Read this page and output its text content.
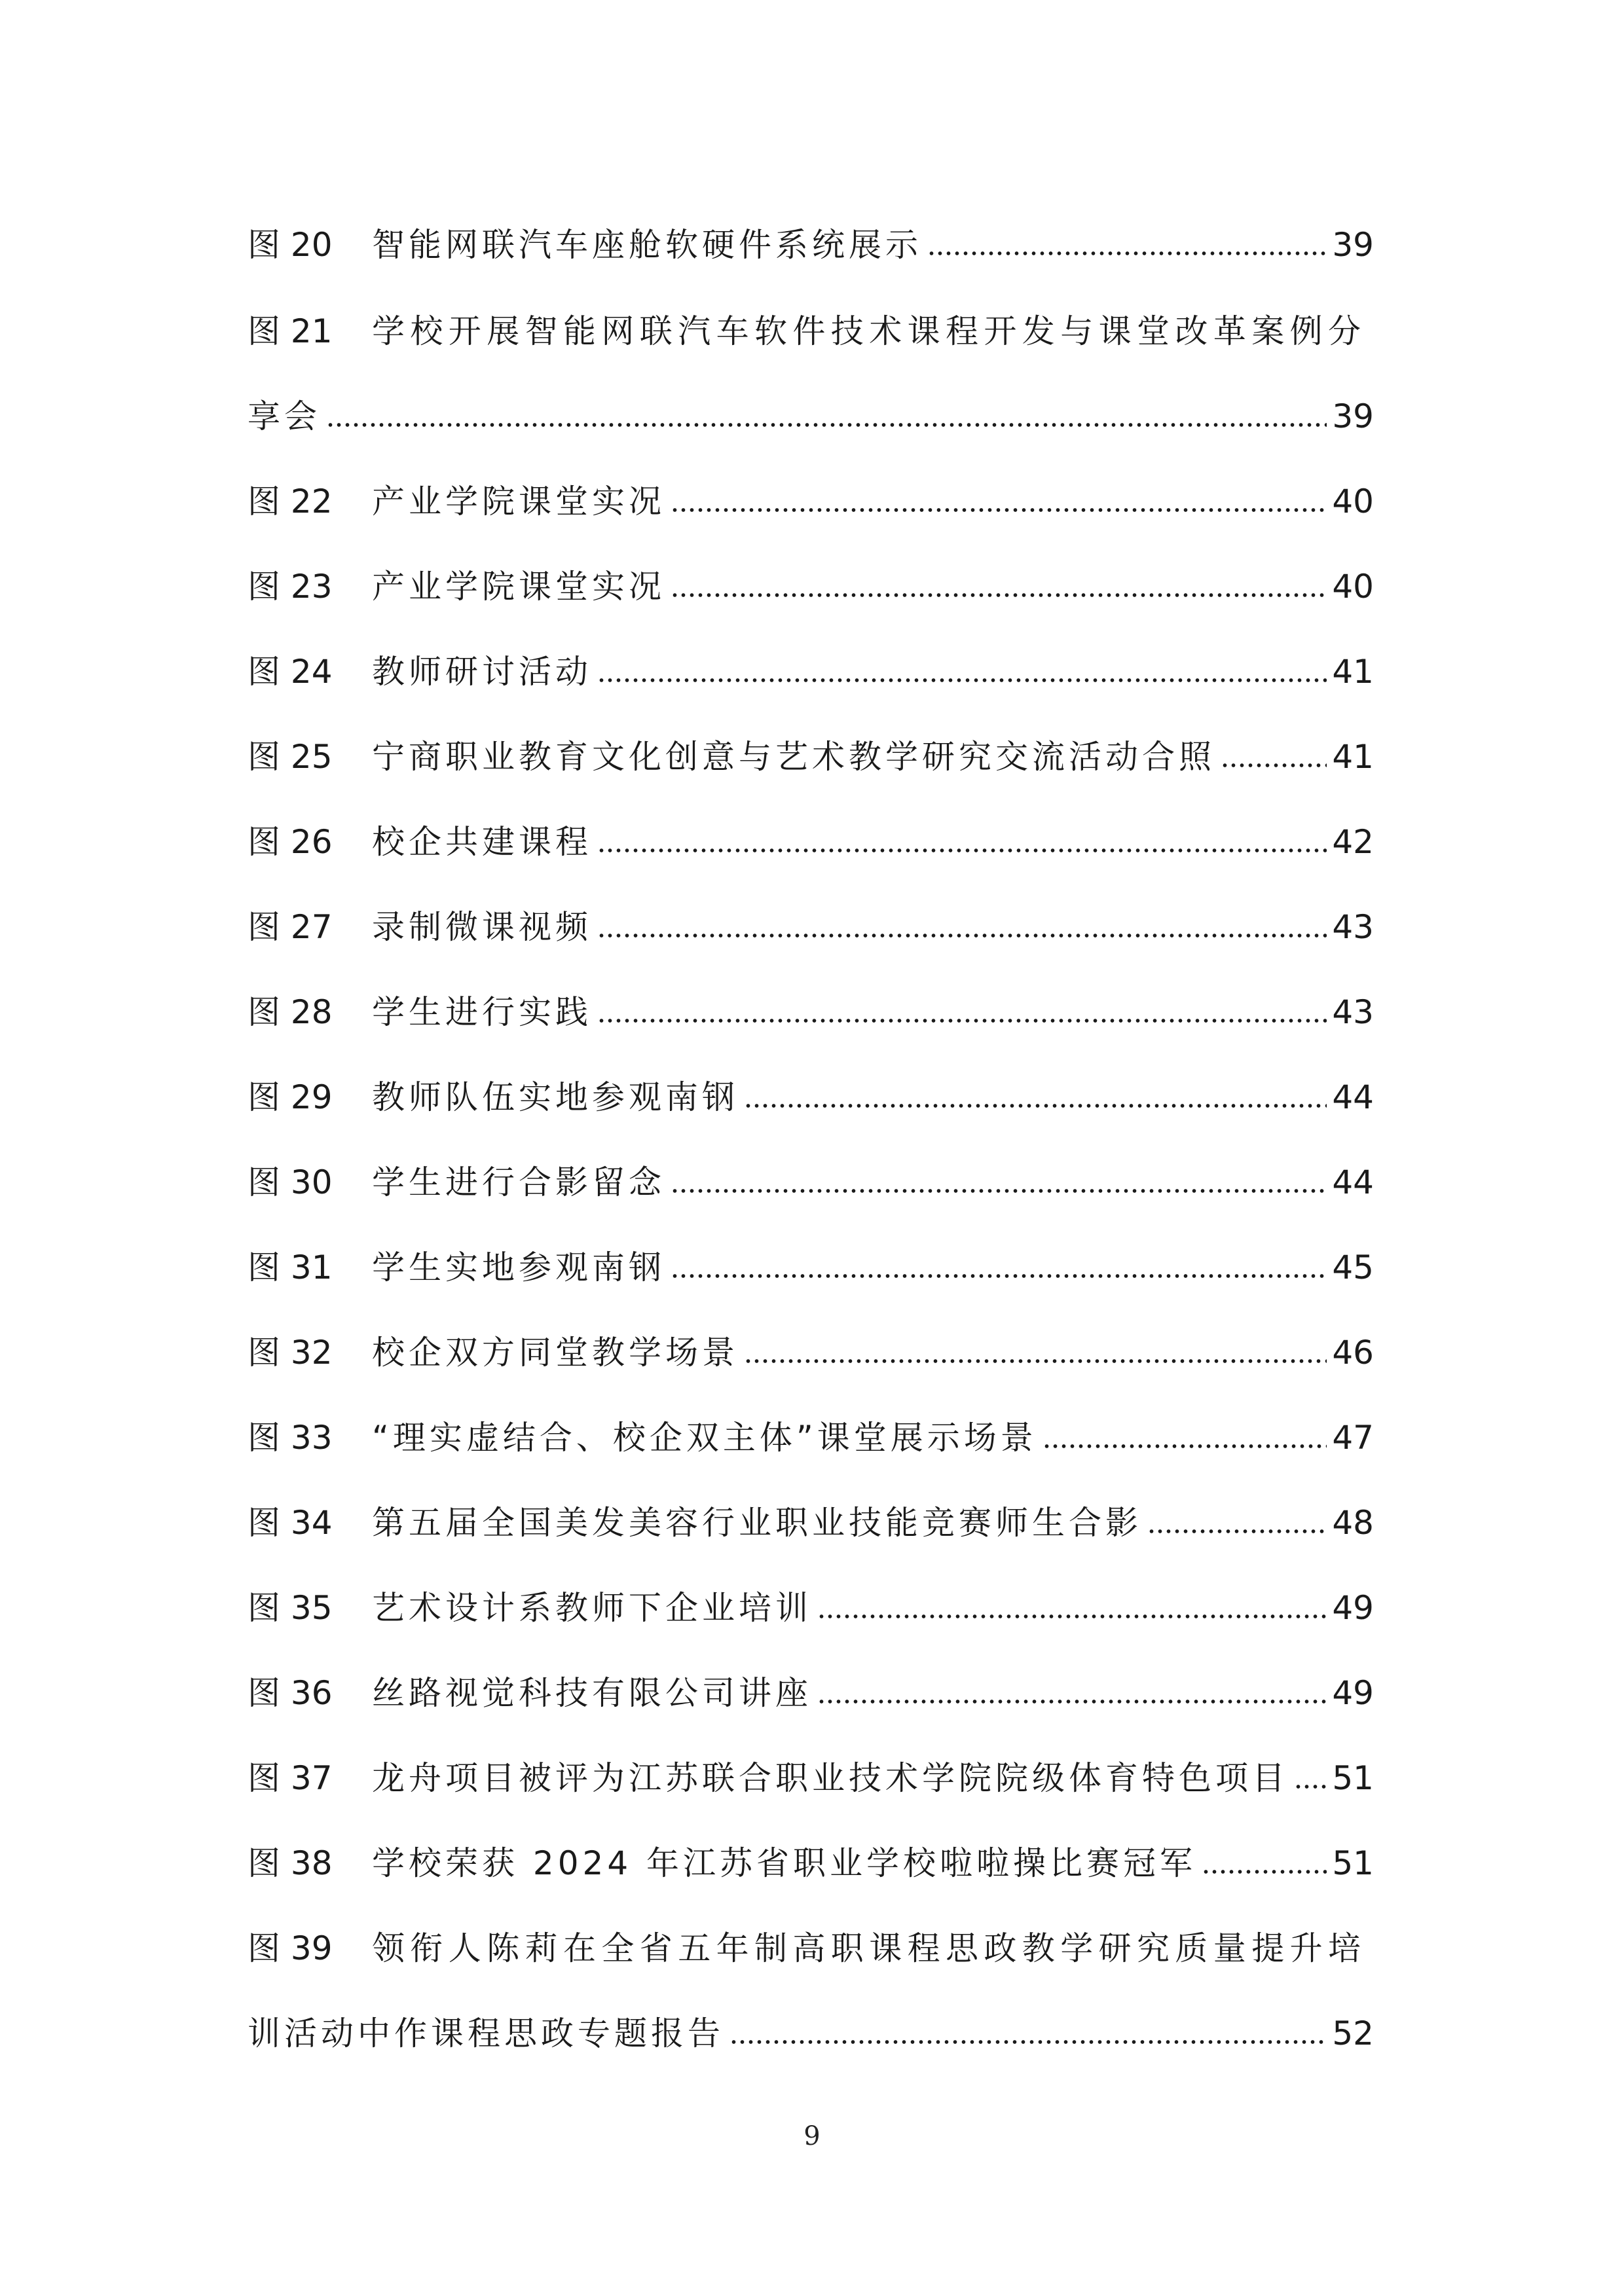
图 20	智能网联汽车座舱软硬件系统展示	39
图 21	学校开展智能网联汽车软件技术课程开发与课堂改革案例分
享会	39
图 22	产业学院课堂实况	40
图 23	产业学院课堂实况	40
图 24	教师研讨活动	41
图 25	宁商职业教育文化创意与艺术教学研究交流活动合照	41
图 26	校企共建课程	42
图 27	录制微课视频	43
图 28	学生进行实践	43
图 29	教师队伍实地参观南钢	44
图 30	学生进行合影留念	44
图 31	学生实地参观南钢	45
图 32	校企双方同堂教学场景	46
图 33	“理实虚结合、校企双主体”课堂展示场景	47
图 34	第五届全国美发美容行业职业技能竞赛师生合影	48
图 35	艺术设计系教师下企业培训	49
图 36	丝路视觉科技有限公司讲座	49
图 37	龙舟项目被评为江苏联合职业技术学院院级体育特色项目 51
图 38	学校荣获 2024 年江苏省职业学校啦啦操比赛冠军	51
图 39	领衔人陈莉在全省五年制高职课程思政教学研究质量提升培
训活动中作课程思政专题报告	52
9
